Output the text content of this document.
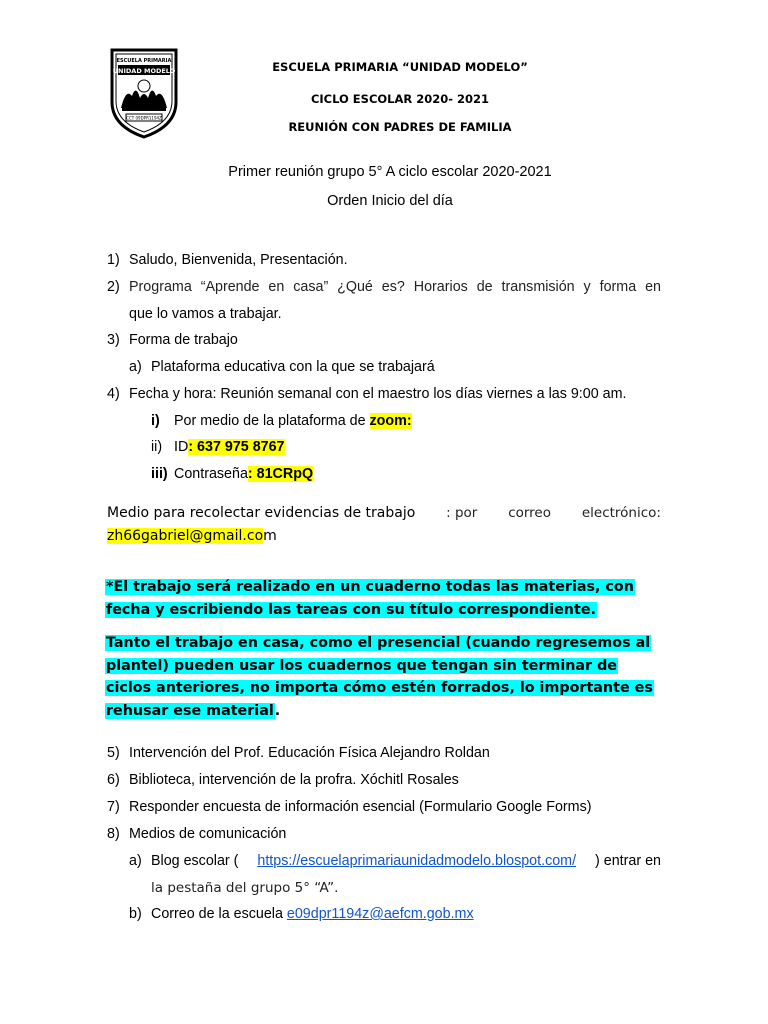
ESCUELA PRIMARIA
UNIDAD MODELO
CCT 09DPR1194Z
ESCUELA PRIMARIA “UNIDAD MODELO”
CICLO ESCOLAR 2020- 2021
REUNIÓN CON PADRES DE FAMILIA
Primer reunión grupo 5° A ciclo escolar 2020-2021
Orden Inicio del día
1) Saludo, Bienvenida, Presentación.
2) Programa “Aprende en casa” ¿Qué es? Horarios de transmisión y forma en
que lo vamos a trabajar.
3) Forma de trabajo
a) Plataforma educativa con la que se trabajará
4) Fecha y hora: Reunión semanal con el maestro los días viernes a las 9:00 am.
i) Por medio de la plataforma de zoom:
ii) ID: 637 975 8767
iii) Contraseña: 81CRpQ
Medio para recolectar evidencias de trabajo : por correo electrónico:
zh66gabriel@gmail.com
*El trabajo será realizado en un cuaderno todas las materias, con fecha y escribiendo las tareas con su título correspondiente.
Tanto el trabajo en casa, como el presencial (cuando regresemos al plantel) pueden usar los cuadernos que tengan sin terminar de ciclos anteriores, no importa cómo estén forrados, lo importante es rehusar ese material.
5) Intervención del Prof. Educación Física Alejandro Roldan
6) Biblioteca, intervención de la profra. Xóchitl Rosales
7) Responder encuesta de información esencial (Formulario Google Forms)
8) Medios de comunicación
a) Blog escolar ( https://escuelaprimariaunidadmodelo.blospot.com/ ) entrar en
la pestaña del grupo 5° “A”.
b) Correo de la escuela e09dpr1194z@aefcm.gob.mx
